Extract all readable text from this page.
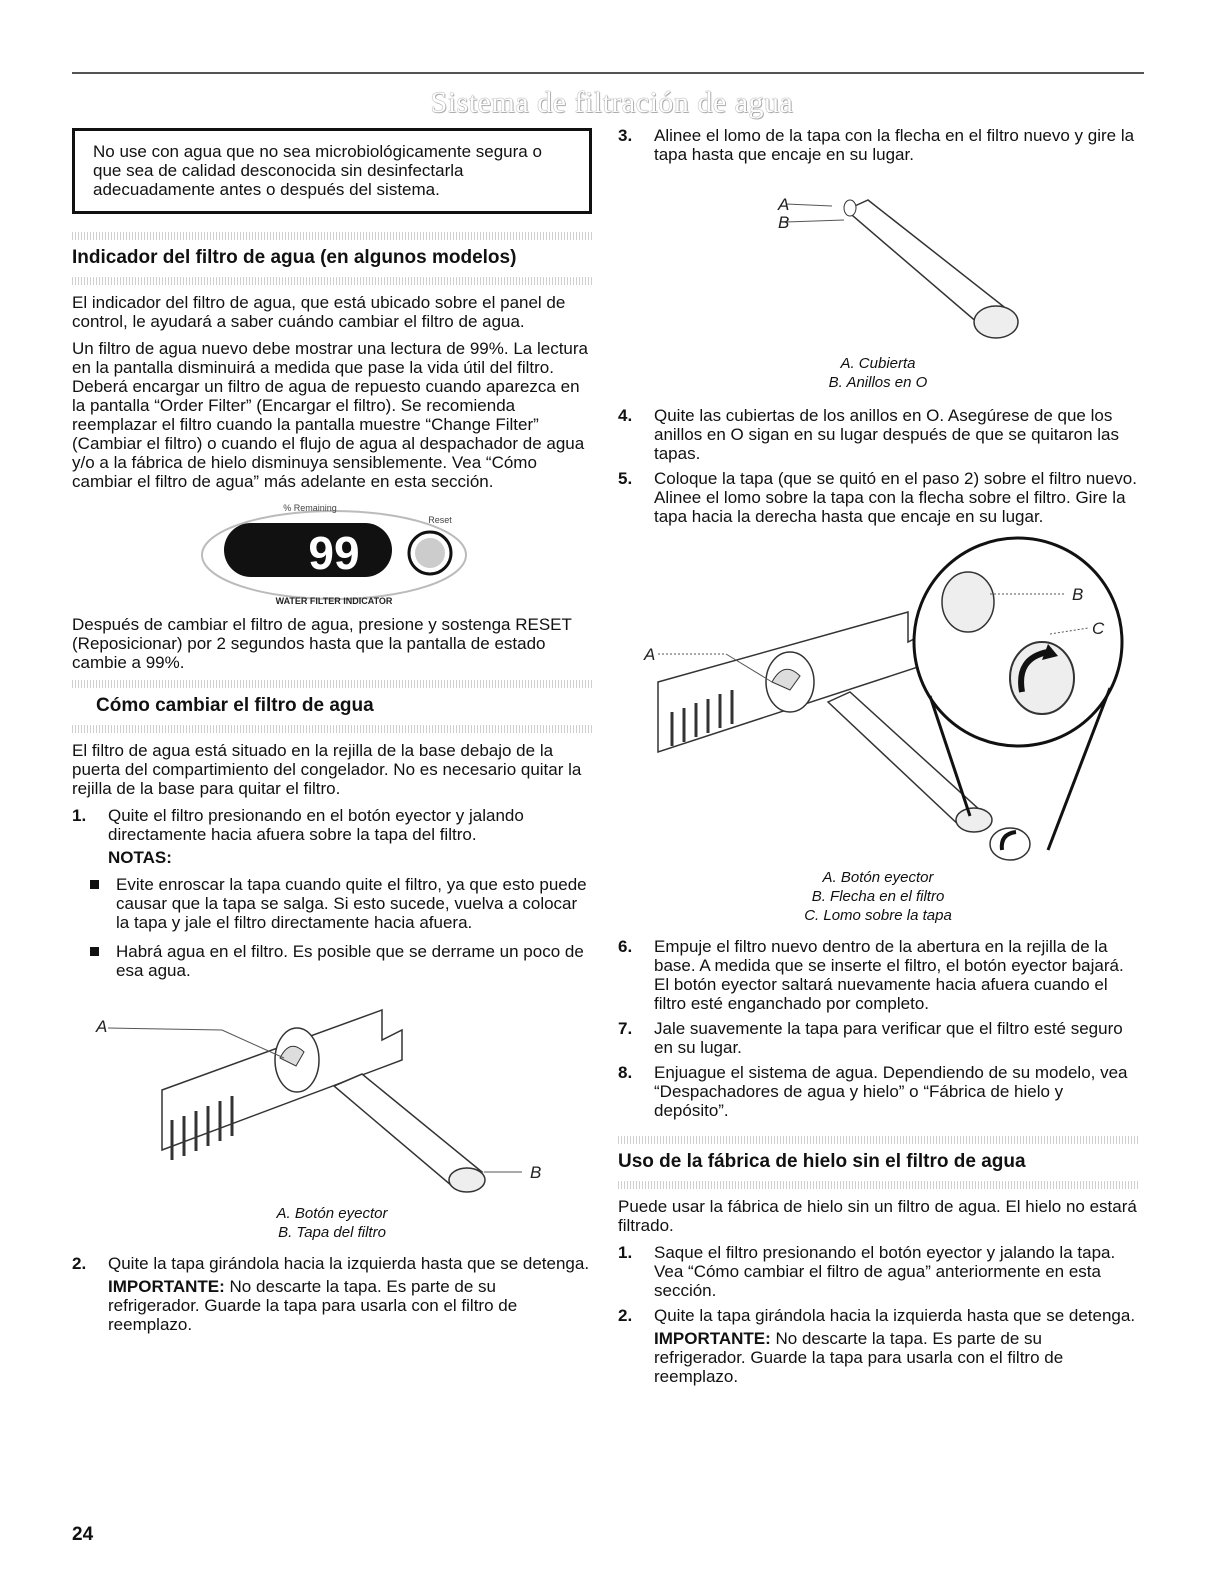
Sistema de filtración de agua
No use con agua que no sea microbiológicamente segura o que sea de calidad desconocida sin desinfectarla adecuadamente antes o después del sistema.
Indicador del filtro de agua (en algunos modelos)

El indicador del filtro de agua, que está ubicado sobre el panel de control, le ayudará a saber cuándo cambiar el filtro de agua.

Un filtro de agua nuevo debe mostrar una lectura de 99%. La lectura en la pantalla disminuirá a medida que pase la vida útil del filtro. Deberá encargar un filtro de agua de repuesto cuando aparezca en la pantalla “Order Filter” (Encargar el filtro). Se recomienda reemplazar el filtro cuando la pantalla muestre “Change Filter” (Cambiar el filtro) o cuando el flujo de agua al despachador de agua y/o a la fábrica de hielo disminuya sensiblemente. Vea “Cómo cambiar el filtro de agua” más adelante en esta sección.

% Remaining
Reset
99
WATER FILTER INDICATOR

Después de cambiar el filtro de agua, presione y sostenga RESET (Reposicionar) por 2 segundos hasta que la pantalla de estado cambie a 99%.

Cómo cambiar el filtro de agua

El filtro de agua está situado en la rejilla de la base debajo de la puerta del compartimiento del congelador. No es necesario quitar la rejilla de la base para quitar el filtro.

1. Quite el filtro presionando en el botón eyector y jalando directamente hacia afuera sobre la tapa del filtro.
NOTAS:
Evite enroscar la tapa cuando quite el filtro, ya que esto puede causar que la tapa se salga. Si esto sucede, vuelva a colocar la tapa y jale el filtro directamente hacia afuera.
Habrá agua en el filtro. Es posible que se derrame un poco de esa agua.
A
B
A. Botón eyector
B. Tapa del filtro
2. Quite la tapa girándola hacia la izquierda hasta que se detenga.
IMPORTANTE: No descarte la tapa. Es parte de su refrigerador. Guarde la tapa para usarla con el filtro de reemplazo.
3. Alinee el lomo de la tapa con la flecha en el filtro nuevo y gire la tapa hasta que encaje en su lugar.
A
B
A. Cubierta
B. Anillos en O
4. Quite las cubiertas de los anillos en O. Asegúrese de que los anillos en O sigan en su lugar después de que se quitaron las tapas.
5. Coloque la tapa (que se quitó en el paso 2) sobre el filtro nuevo. Alinee el lomo sobre la tapa con la flecha sobre el filtro. Gire la tapa hacia la derecha hasta que encaje en su lugar.
A
B
C
A. Botón eyector
B. Flecha en el filtro
C. Lomo sobre la tapa
6. Empuje el filtro nuevo dentro de la abertura en la rejilla de la base. A medida que se inserte el filtro, el botón eyector bajará. El botón eyector saltará nuevamente hacia afuera cuando el filtro esté enganchado por completo.
7. Jale suavemente la tapa para verificar que el filtro esté seguro en su lugar.
8. Enjuague el sistema de agua. Dependiendo de su modelo, vea “Despachadores de agua y hielo” o “Fábrica de hielo y depósito”.
Uso de la fábrica de hielo sin el filtro de agua

Puede usar la fábrica de hielo sin un filtro de agua. El hielo no estará filtrado.

1. Saque el filtro presionando el botón eyector y jalando la tapa. Vea “Cómo cambiar el filtro de agua” anteriormente en esta sección.
2. Quite la tapa girándola hacia la izquierda hasta que se detenga.
IMPORTANTE: No descarte la tapa. Es parte de su refrigerador. Guarde la tapa para usarla con el filtro de reemplazo.
24
